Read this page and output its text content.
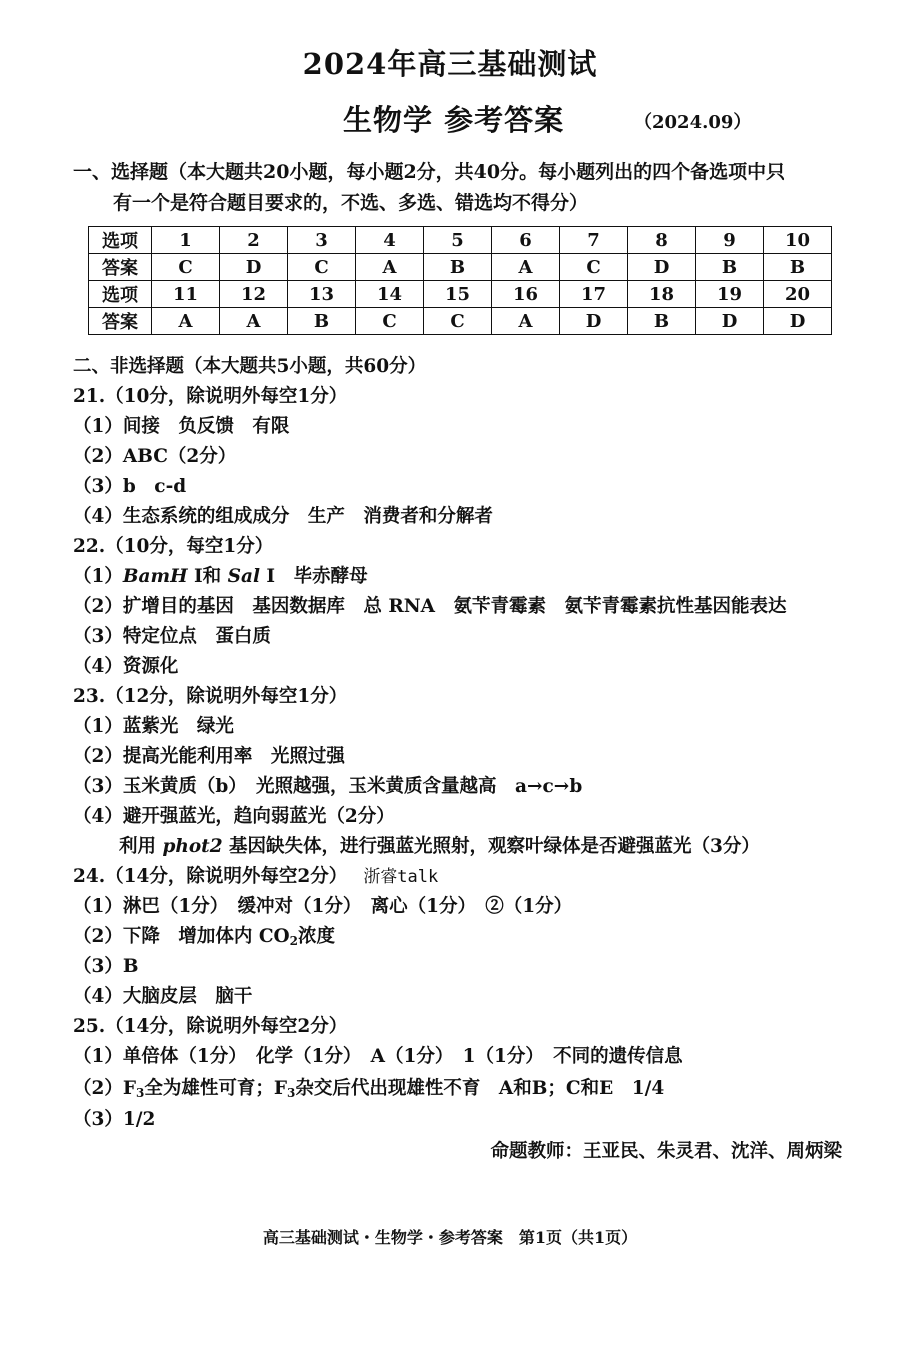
2024年高三基础测试
生物学 参考答案	（2024.09）
一、选择题（本大题共20小题，每小题2分，共40分。每小题列出的四个备选项中只
有一个是符合题目要求的，不选、多选、错选均不得分）
选项	1	2	3	4	5	6	7	8	9	10
答案	C	D	C	A	B	A	C	D	B	B
选项	11	12	13	14	15	16	17	18	19	20
答案	A	A	B	C	C	A	D	B	D	D
二、非选择题（本大题共5小题，共60分）
21.（10分，除说明外每空1分）
（1）间接　负反馈　有限
（2）ABC（2分）
（3）b　c-d
（4）生态系统的组成成分　生产　消费者和分解者
22.（10分，每空1分）
（1）BamH Ⅰ和 Sal Ⅰ　毕赤酵母
（2）扩增目的基因　基因数据库　总 RNA　氨苄青霉素　氨苄青霉素抗性基因能表达
（3）特定位点　蛋白质
（4）资源化
23.（12分，除说明外每空1分）
（1）蓝紫光　绿光
（2）提高光能利用率　光照过强
（3）玉米黄质（b）　光照越强，玉米黄质含量越高　a→c→b
（4）避开强蓝光，趋向弱蓝光（2分）
利用 phot2 基因缺失体，进行强蓝光照射，观察叶绿体是否避强蓝光（3分）
24.（14分，除说明外每空2分） 浙睿talk
（1）淋巴（1分）　缓冲对（1分）　离心（1分）　②（1分）
（2）下降　增加体内 $CO_2$浓度
（3）B
（4）大脑皮层　脑干
25.（14分，除说明外每空2分）
（1）单倍体（1分）　化学（1分）　A（1分）　1（1分）　不同的遗传信息
$(2)F_3$全为雄性可育；$F_3$杂交后代出现雄性不育　A和B；C和E　1/4
（3）1/2
命题教师：王亚民、朱灵君、沈洋、周炳梁
高三基础测试・生物学・参考答案　第1页（共1页）
